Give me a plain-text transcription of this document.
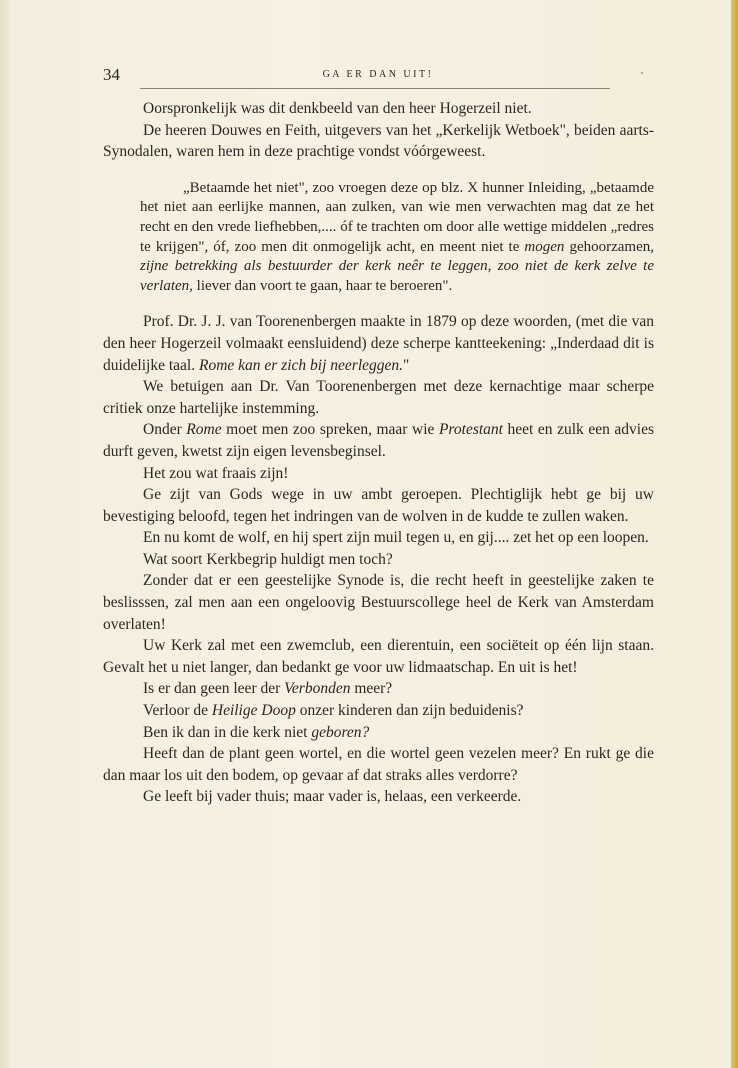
34	GA ER DAN UIT!

Oorspronkelijk was dit denkbeeld van den heer Hogerzeil niet.

De heeren Douwes en Feith, uitgevers van het „Kerkelijk Wetboek", beiden aarts-Synodalen, waren hem in deze prachtige vondst vóórgeweest.

„Betaamde het niet", zoo vroegen deze op blz. X hunner Inleiding, „betaamde het niet aan eerlijke mannen, aan zulken, van wie men verwachten mag dat ze het recht en den vrede liefhebben,.... óf te trachten om door alle wettige middelen „redres te krijgen", óf, zoo men dit onmogelijk acht, en meent niet te mogen gehoorzamen, zijne betrekking als bestuurder der kerk neêr te leggen, zoo niet de kerk zelve te verlaten, liever dan voort te gaan, haar te beroeren".

Prof. Dr. J. J. van Toorenenbergen maakte in 1879 op deze woorden, (met die van den heer Hogerzeil volmaakt eensluidend) deze scherpe kantteekening: „Inderdaad dit is duidelijke taal. Rome kan er zich bij neerleggen."

We betuigen aan Dr. Van Toorenenbergen met deze kernachtige maar scherpe critiek onze hartelijke instemming.

Onder Rome moet men zoo spreken, maar wie Protestant heet en zulk een advies durft geven, kwetst zijn eigen levensbeginsel.

Het zou wat fraais zijn!

Ge zijt van Gods wege in uw ambt geroepen. Plechtiglijk hebt ge bij uw bevestiging beloofd, tegen het indringen van de wolven in de kudde te zullen waken.

En nu komt de wolf, en hij spert zijn muil tegen u, en gij.... zet het op een loopen.

Wat soort Kerkbegrip huldigt men toch?

Zonder dat er een geestelijke Synode is, die recht heeft in geestelijke zaken te beslisssen, zal men aan een ongeloovig Bestuurscollege heel de Kerk van Amsterdam overlaten!

Uw Kerk zal met een zwemclub, een dierentuin, een sociëteit op één lijn staan. Gevalt het u niet langer, dan bedankt ge voor uw lidmaatschap. En uit is het!

Is er dan geen leer der Verbonden meer?

Verloor de Heilige Doop onzer kinderen dan zijn beduidenis?

Ben ik dan in die kerk niet geboren?

Heeft dan de plant geen wortel, en die wortel geen vezelen meer? En rukt ge die dan maar los uit den bodem, op gevaar af dat straks alles verdorre?

Ge leeft bij vader thuis; maar vader is, helaas, een verkeerde.
